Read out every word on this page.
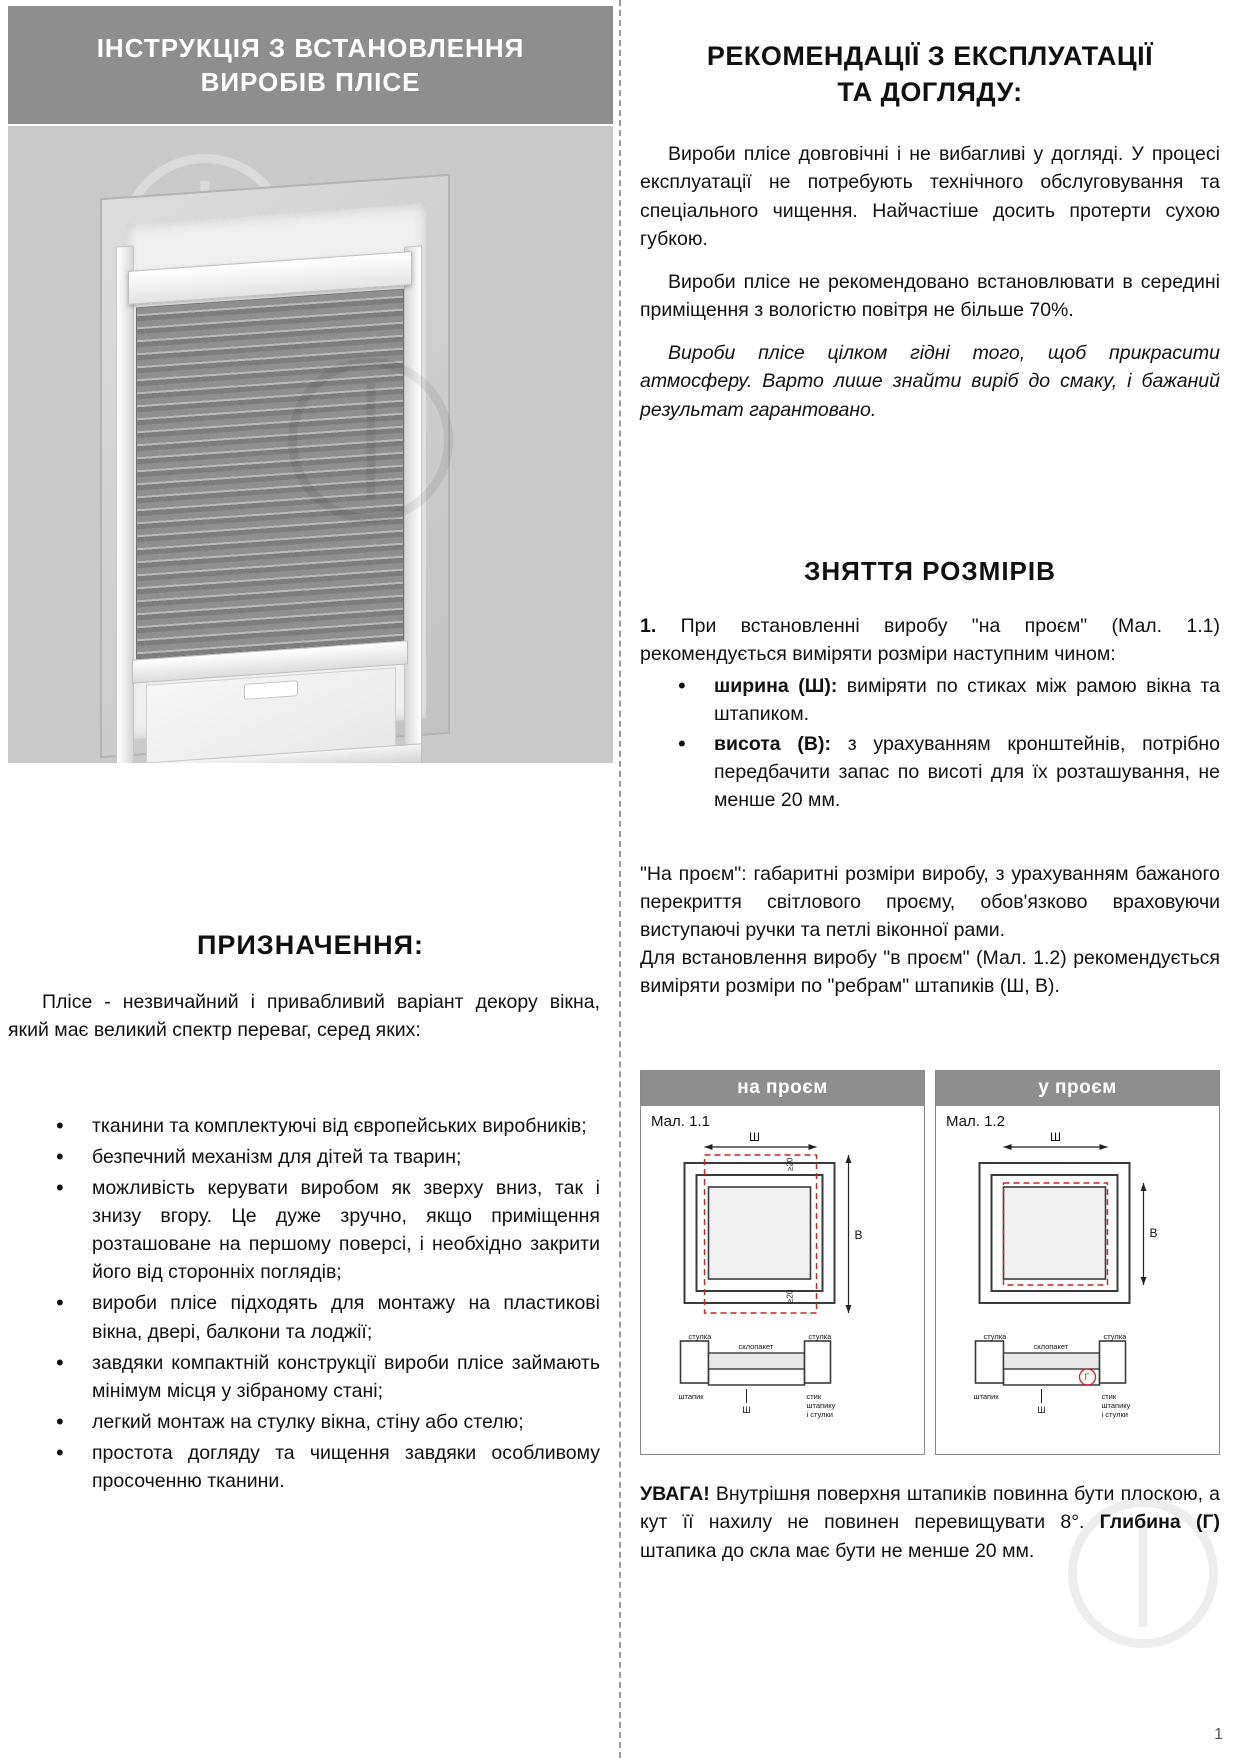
ІНСТРУКЦІЯ З ВСТАНОВЛЕННЯ
ВИРОБІВ ПЛІСЕ
ПРИЗНАЧЕННЯ:

Пліcе - незвичайний і привабливий варіант декору вікна, який має великий спектр переваг, серед яких:

• тканини та комплектуючі від європейських виробників;
• безпечний механізм для дітей та тварин;
• можливість керувати виробом як зверху вниз, так і знизу вгору. Це дуже зручно, якщо приміщення розташоване на першому поверсі, і необхідно закрити його від сторонніх поглядів;
• вироби пліcе підходять для монтажу на пластикові вікна, двері, балкони та лоджії;
• завдяки компактній конструкції вироби пліcе займають мінімум місця у зібраному стані;
• легкий монтаж на стулку вікна, стіну або стелю;
• простота догляду та чищення завдяки особливому просоченню тканини.
РЕКОМЕНДАЦІЇ З ЕКСПЛУАТАЦІЇ
ТА ДОГЛЯДУ:

Вироби пліcе довговічні і не вибагливі у догляді. У процесі експлуатації не потребують технічного обслуговування та спеціального чищення. Найчастіше досить протерти сухою губкою.

Вироби пліcе не рекомендовано встановлювати в середині приміщення з вологістю повітря не більше 70%.

Вироби пліcе цілком гідні того, щоб прикрасити атмосферу. Варто лише знайти виріб до смаку, і бажаний результат гарантовано.

ЗНЯТТЯ РОЗМІРІВ

1. При встановленні виробу "на проєм" (Мал. 1.1) рекомендується виміряти розміри наступним чином:

• ширина (Ш): виміряти по стиках між рамою вікна та штапиком.
• висота (В): з урахуванням кронштейнів, потрібно передбачити запас по висоті для їх розташування, не менше 20 мм.

"На проєм": габаритні розміри виробу, з урахуванням бажаного перекриття світлового проєму, обов'язково враховуючи виступаючі ручки та петлі віконної рами.

Для встановлення виробу "в проєм" (Мал. 1.2) рекомендується виміряти розміри по "ребрам" штапиків (Ш, В).

на проєм
Мал. 1.1
Ш
В
≥20
≥20
стулка
склопакет
стулка
штапик
Ш
стик
штапику
і стулки
у проєм
Мал. 1.2
Ш
В
Г
стулка
склопакет
стулка
штапик
Ш
стик
штапику
і стулки
УВАГА! Внутрішня поверхня штапиків повинна бути плоскою, а кут її нахилу не повинен перевищувати 8°. Глибина (Г) штапика до скла має бути не менше 20 мм.
1
